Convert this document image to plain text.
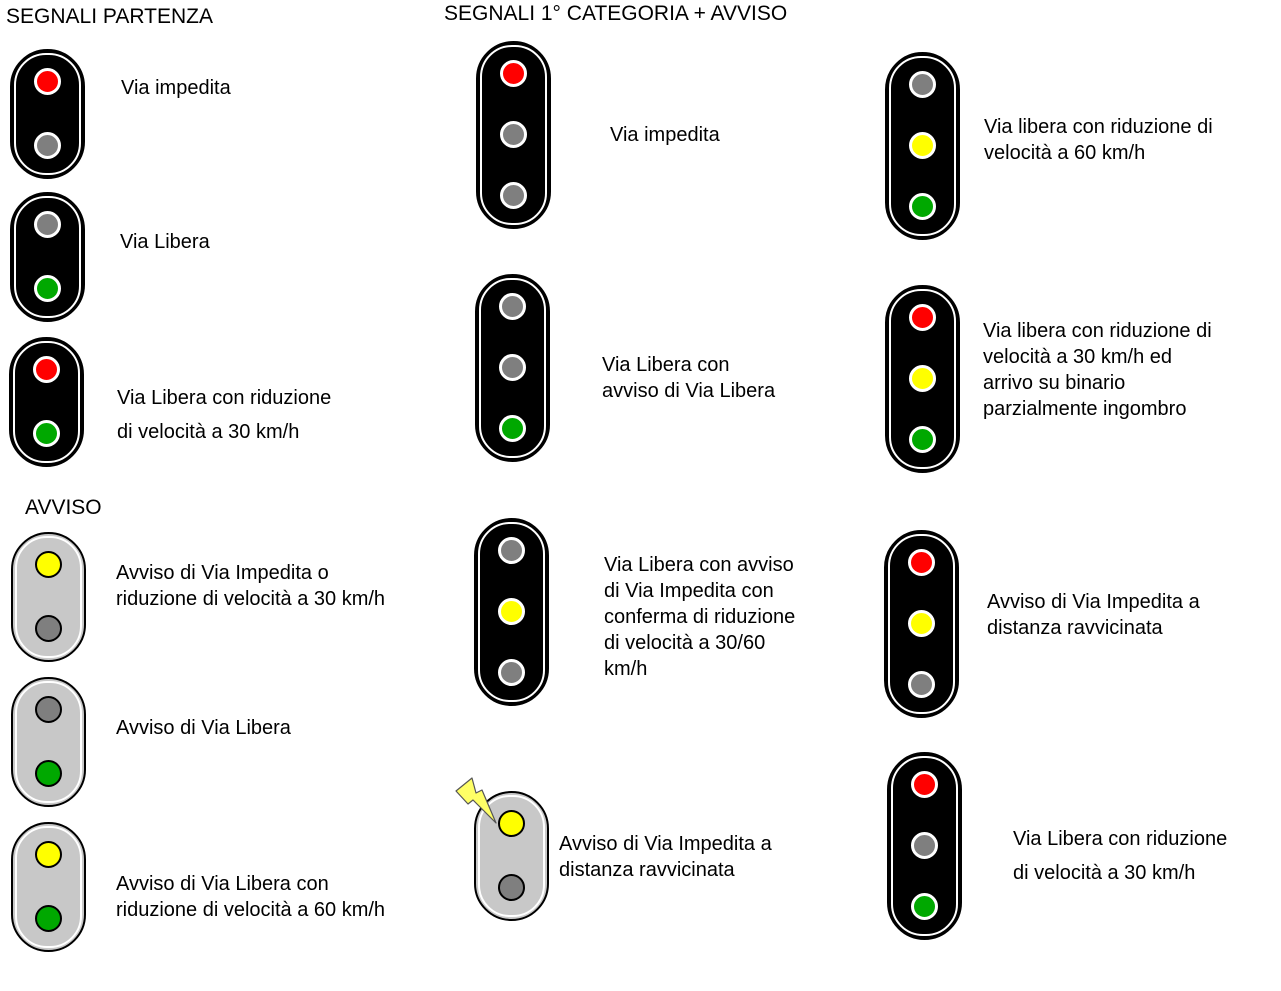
SEGNALI PARTENZA	SEGNALI 1° CATEGORIA + AVVISO
AVVISO
Via impedita
Via Libera
Via Libera con riduzione
di velocità a 30 km/h
Avviso di Via Impedita o
riduzione di velocità a 30 km/h
Avviso di Via Libera
Avviso di Via Libera con
riduzione di velocità a 60 km/h
Via impedita
Via Libera con
avviso di Via Libera
Via Libera con avviso
di Via Impedita con
conferma di riduzione
di velocità a 30/60
km/h
Avviso di Via Impedita a
distanza ravvicinata
Via libera con riduzione di
velocità a 60 km/h
Via libera con riduzione di
velocità a 30 km/h ed
arrivo su binario
parzialmente ingombro
Avviso di Via Impedita a
distanza ravvicinata
Via Libera con riduzione
di velocità a 30 km/h
